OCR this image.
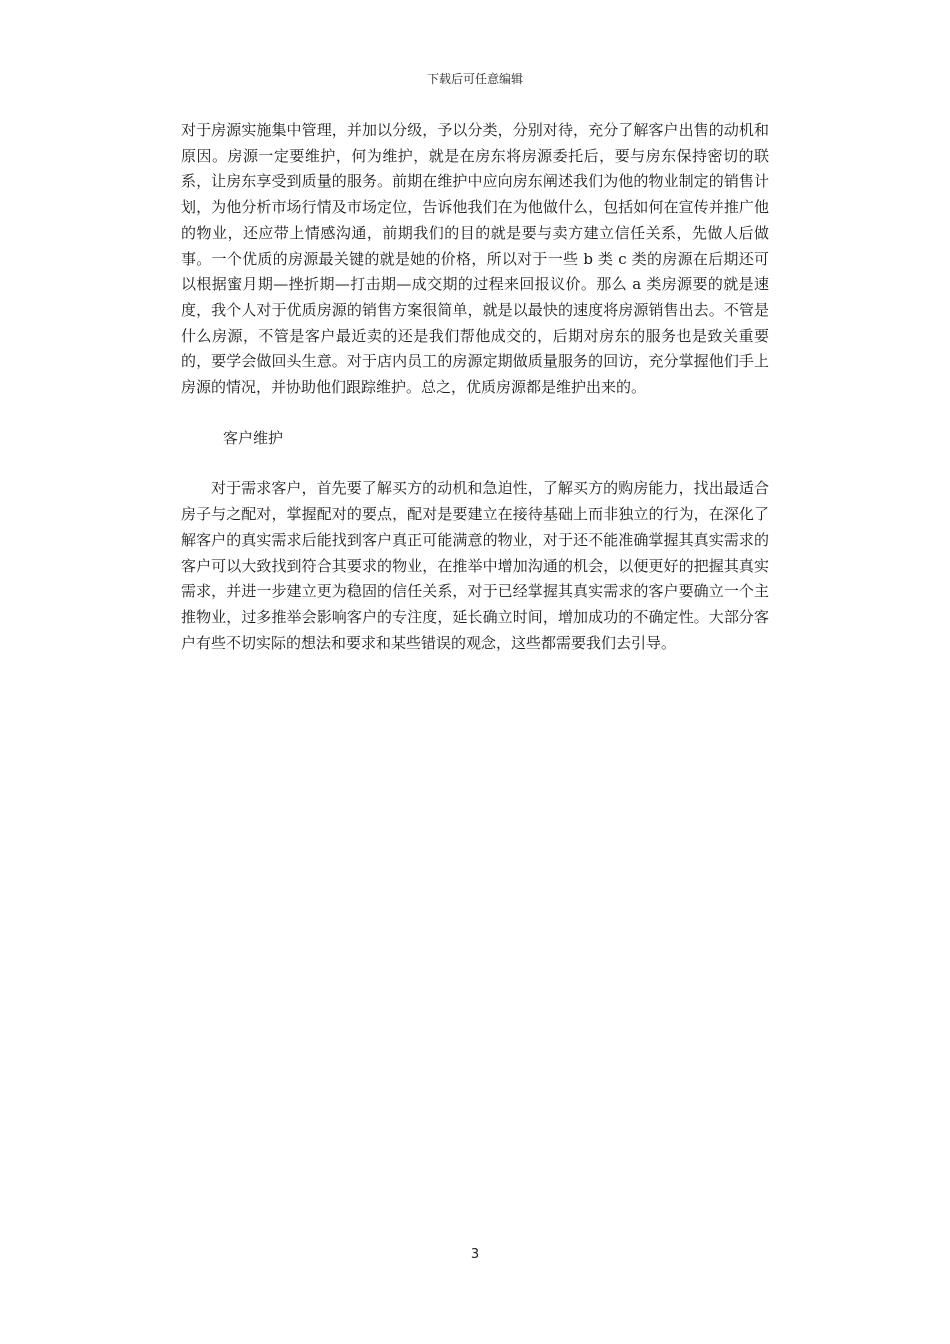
下载后可任意编辑

对于房源实施集中管理，并加以分级，予以分类，分别对待，充分了解客户出售的动机和原因。房源一定要维护，何为维护，就是在房东将房源委托后，要与房东保持密切的联系，让房东享受到质量的服务。前期在维护中应向房东阐述我们为他的物业制定的销售计划，为他分析市场行情及市场定位，告诉他我们在为他做什么，包括如何在宣传并推广他的物业，还应带上情感沟通，前期我们的目的就是要与卖方建立信任关系，先做人后做事。一个优质的房源最关键的就是她的价格，所以对于一些 b 类 c 类的房源在后期还可以根据蜜月期—挫折期—打击期—成交期的过程来回报议价。那么 a 类房源要的就是速度，我个人对于优质房源的销售方案很简单，就是以最快的速度将房源销售出去。不管是什么房源，不管是客户最近卖的还是我们帮他成交的，后期对房东的服务也是致关重要的，要学会做回头生意。对于店内员工的房源定期做质量服务的回访，充分掌握他们手上房源的情况，并协助他们跟踪维护。总之，优质房源都是维护出来的。

客户维护

对于需求客户，首先要了解买方的动机和急迫性，了解买方的购房能力，找出最适合房子与之配对，掌握配对的要点，配对是要建立在接待基础上而非独立的行为，在深化了解客户的真实需求后能找到客户真正可能满意的物业，对于还不能准确掌握其真实需求的客户可以大致找到符合其要求的物业，在推举中增加沟通的机会，以便更好的把握其真实需求，并进一步建立更为稳固的信任关系，对于已经掌握其真实需求的客户要确立一个主推物业，过多推举会影响客户的专注度，延长确立时间，增加成功的不确定性。大部分客户有些不切实际的想法和要求和某些错误的观念，这些都需要我们去引导。

3
